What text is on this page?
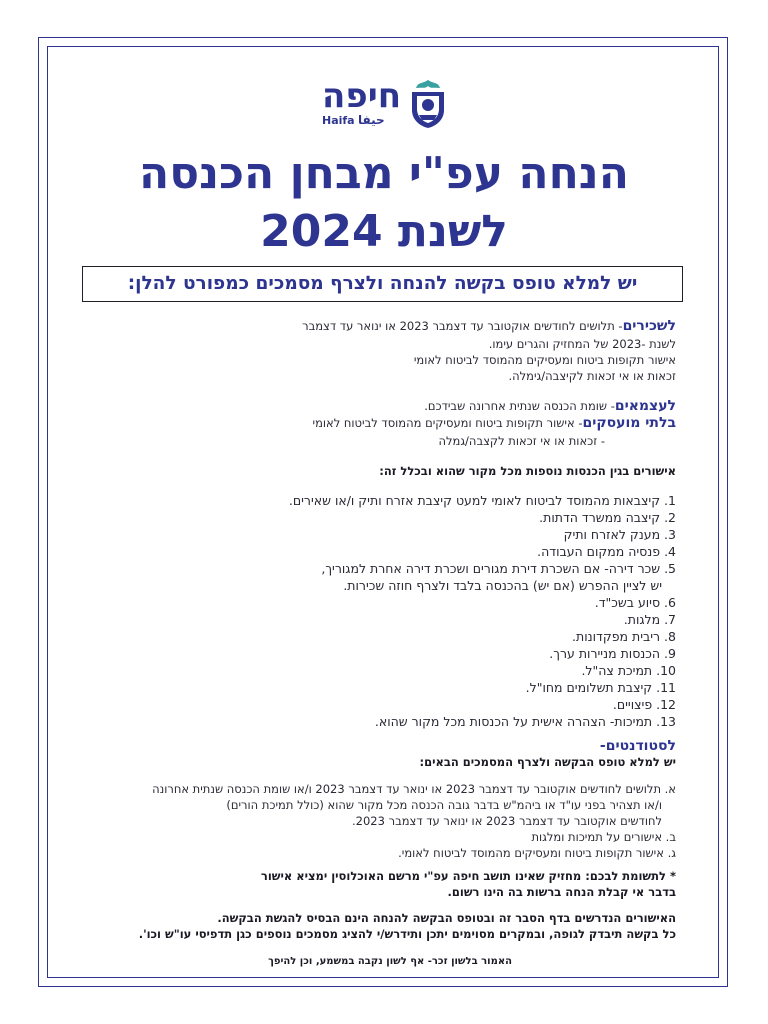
חיפה
Haifa حيفا
הנחה עפ"י מבחן הכנסה
לשנת 2024
יש למלא טופס בקשה להנחה ולצרף מסמכים כמפורט להלן:
לשכירים- תלושים לחודשים אוקטובר עד דצמבר 2023 או ינואר עד דצמבר
לשנת -2023 של המחזיק והגרים עימו.
אישור תקופות ביטוח ומעסיקים מהמוסד לביטוח לאומי
זכאות או אי זכאות לקיצבה/גימלה.
לעצמאים- שומת הכנסה שנתית אחרונה שבידכם.
בלתי מועסקים- אישור תקופות ביטוח ומעסיקים מהמוסד לביטוח לאומי
- זכאות או אי זכאות לקצבה/גמלה
אישורים בגין הכנסות נוספות מכל מקור שהוא ובכלל זה:
1. קיצבאות מהמוסד לביטוח לאומי למעט קיצבת אזרח ותיק ו/או שאירים.
2. קיצבה ממשרד הדתות.
3. מענק לאזרח ותיק
4. פנסיה ממקום העבודה.
5. שכר דירה- אם השכרת דירת מגורים ושכרת דירה אחרת למגוריך,
יש לציין ההפרש (אם יש) בהכנסה בלבד ולצרף חוזה שכירות.
6. סיוע בשכ"ד.
7. מלגות.
8. ריבית מפקדונות.
9. הכנסות מניירות ערך.
10. תמיכת צה"ל.
11. קיצבת תשלומים מחו"ל.
12. פיצויים.
13. תמיכות- הצהרה אישית על הכנסות מכל מקור שהוא.
לסטודנטים-
יש למלא טופס הבקשה ולצרף המסמכים הבאים:
א. תלושים לחודשים אוקטובר עד דצמבר 2023 או ינואר עד דצמבר 2023 ו/או שומת הכנסה שנתית אחרונה
ו/או תצהיר בפני עו"ד או ביהמ"ש בדבר גובה הכנסה מכל מקור שהוא (כולל תמיכת הורים)
לחודשים אוקטובר עד דצמבר 2023 או ינואר עד דצמבר 2023.
ב. אישורים על תמיכות ומלגות
ג. אישור תקופות ביטוח ומעסיקים מהמוסד לביטוח לאומי.
* לתשומת לבכם: מחזיק שאינו תושב חיפה עפ"י מרשם האוכלוסין ימציא אישור
בדבר אי קבלת הנחה ברשות בה הינו רשום.
האישורים הנדרשים בדף הסבר זה ובטופס הבקשה להנחה הינם הבסיס להגשת הבקשה.
כל בקשה תיבדק לגופה, ובמקרים מסוימים יתכן ותידרש/י להציג מסמכים נוספים כגן תדפיסי עו"ש וכו'.
האמור בלשון זכר- אף לשון נקבה במשמע, וכן להיפך
